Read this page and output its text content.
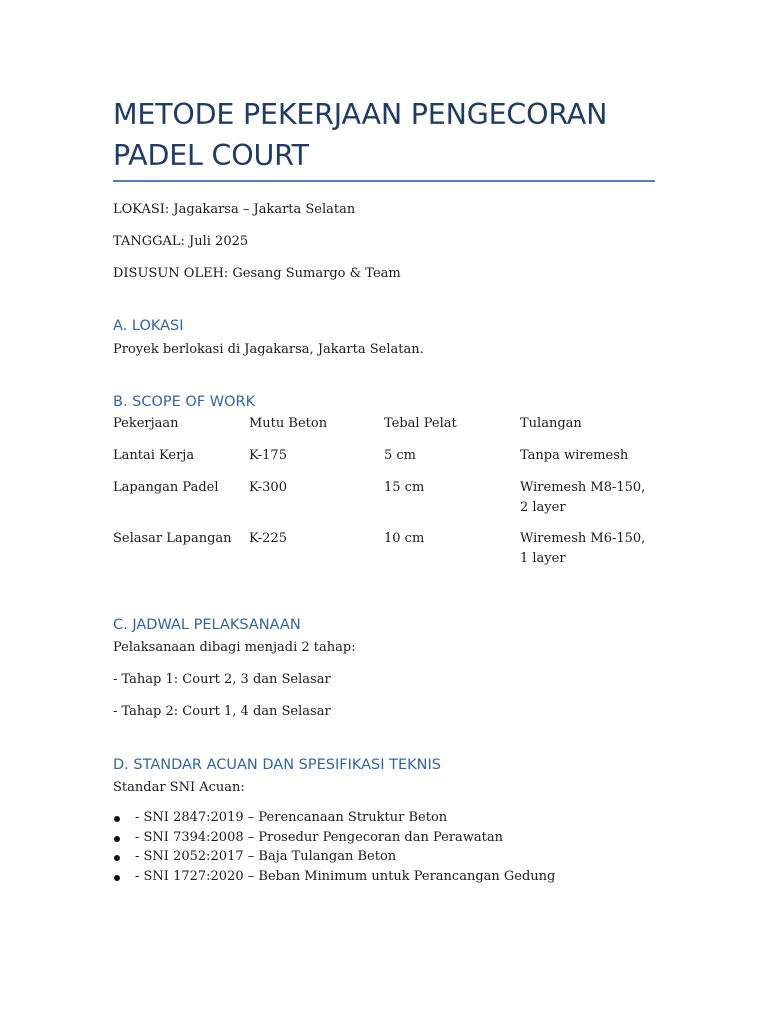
METODE PEKERJAAN PENGECORAN PADEL COURT
LOKASI: Jagakarsa – Jakarta Selatan
TANGGAL: Juli 2025
DISUSUN OLEH: Gesang Sumargo & Team
A. LOKASI
Proyek berlokasi di Jagakarsa, Jakarta Selatan.
B. SCOPE OF WORK
Pekerjaan	Mutu Beton	Tebal Pelat	Tulangan
Lantai Kerja	K-175	5 cm	Tanpa wiremesh
Lapangan Padel K-300	15 cm	Wiremesh M8-150, 2 layer
Selasar Lapangan K-225	10 cm	Wiremesh M6-150, 1 layer
C. JADWAL PELAKSANAAN
Pelaksanaan dibagi menjadi 2 tahap:
- Tahap 1: Court 2, 3 dan Selasar
- Tahap 2: Court 1, 4 dan Selasar
D. STANDAR ACUAN DAN SPESIFIKASI TEKNIS
Standar SNI Acuan:
- SNI 2847:2019 – Perencanaan Struktur Beton
- SNI 7394:2008 – Prosedur Pengecoran dan Perawatan
- SNI 2052:2017 – Baja Tulangan Beton
- SNI 1727:2020 – Beban Minimum untuk Perancangan Gedung
